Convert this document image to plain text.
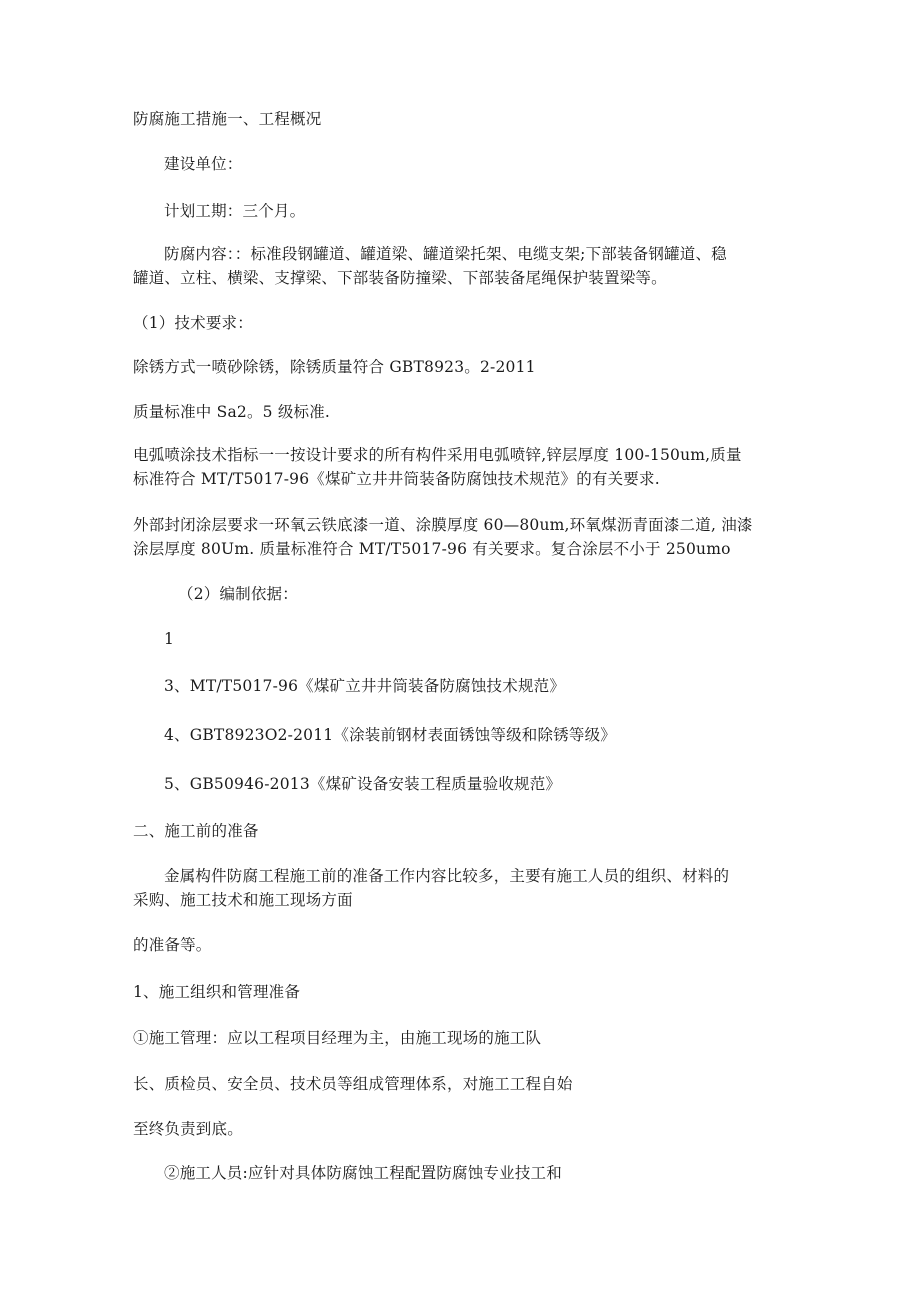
防腐施工措施一、工程概况

建设单位：

计划工期：三个月。

防腐内容：：标准段钢罐道、罐道梁、罐道梁托架、电缆支架;下部装备钢罐道、稳

罐道、立柱、横梁、支撑梁、下部装备防撞梁、下部装备尾绳保护装置梁等。

（1）技术要求：

除锈方式一喷砂除锈，除锈质量符合 GBT8923。2-2011

质量标准中 Sa2。5 级标准.

电弧喷涂技术指标一一按设计要求的所有构件采用电弧喷锌,锌层厚度 100-150um,质量

标准符合 MT/T5017-96《煤矿立井井筒装备防腐蚀技术规范》的有关要求.

外部封闭涂层要求一环氧云铁底漆一道、涂膜厚度 60—80um,环氧煤沥青面漆二道, 油漆

涂层厚度 80Um. 质量标准符合 MT/T5017-96 有关要求。复合涂层不小于 250umo

（2）编制依据：

1

3、MT/T5017-96《煤矿立井井筒装备防腐蚀技术规范》

4、GBT8923O2-2011《涂装前钢材表面锈蚀等级和除锈等级》

5、GB50946-2013《煤矿设备安装工程质量验收规范》

二、施工前的准备

金属构件防腐工程施工前的准备工作内容比较多，主要有施工人员的组织、材料的

采购、施工技术和施工现场方面

的准备等。

1、施工组织和管理准备

①施工管理：应以工程项目经理为主，由施工现场的施工队

长、质检员、安全员、技术员等组成管理体系，对施工工程自始

至终负责到底。

②施工人员:应针对具体防腐蚀工程配置防腐蚀专业技工和
